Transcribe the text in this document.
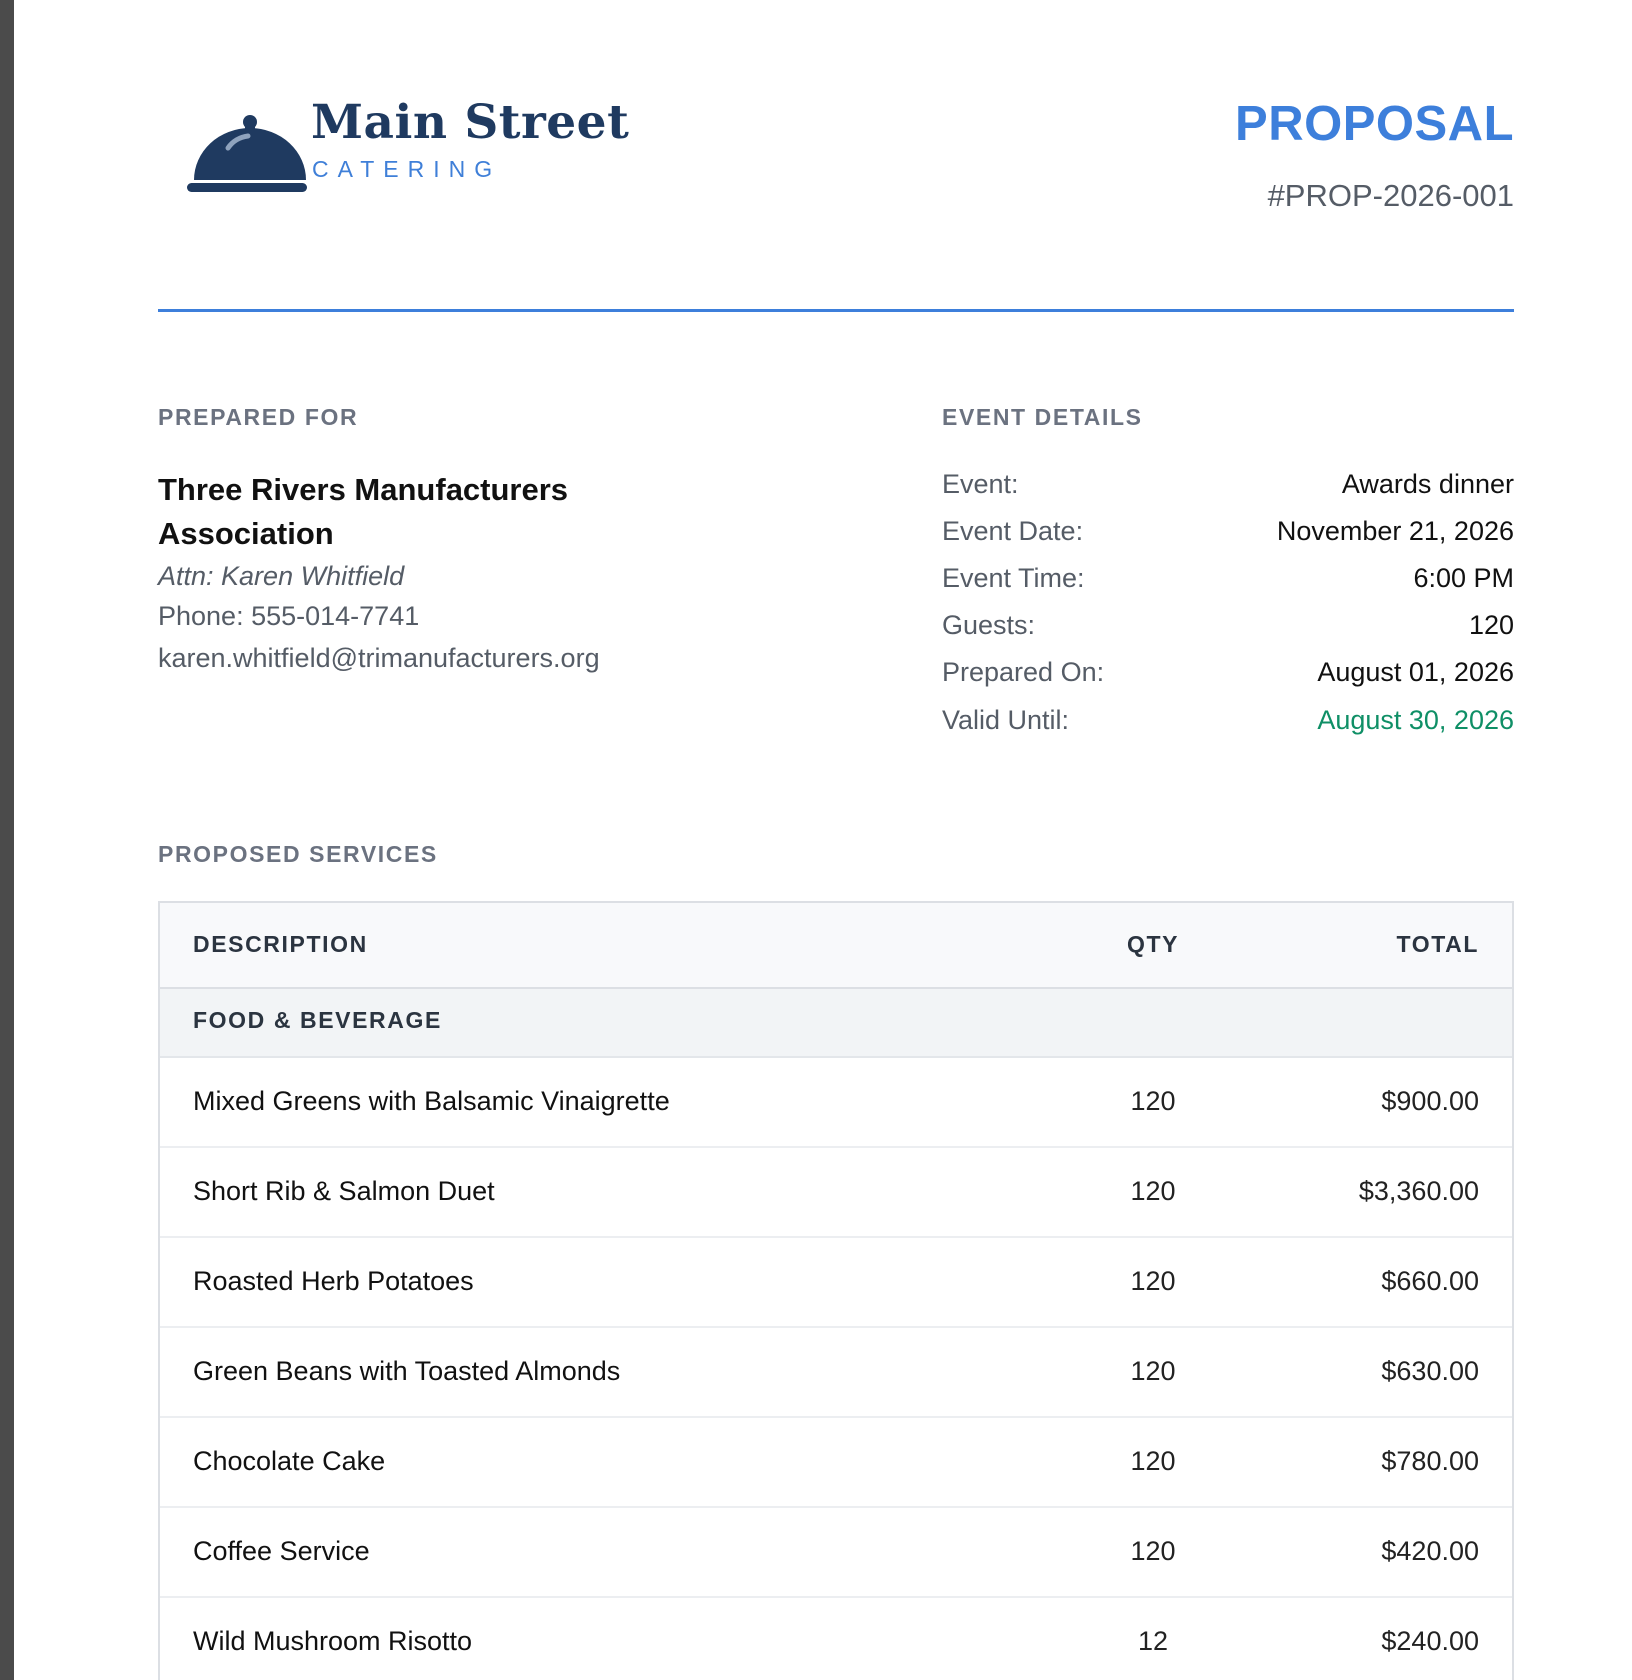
Main Street
CATERING
PROPOSAL
#PROP-2026-001
PREPARED FOR
Three Rivers Manufacturers Association
Attn: Karen Whitfield
Phone: 555-014-7741
karen.whitfield@trimanufacturers.org
EVENT DETAILS
Event:	Awards dinner
Event Date:	November 21, 2026
Event Time:	6:00 PM
Guests:	120
Prepared On:	August 01, 2026
Valid Until:	August 30, 2026
PROPOSED SERVICES
DESCRIPTION	QTY	TOTAL
FOOD & BEVERAGE
Mixed Greens with Balsamic Vinaigrette	120	$900.00
Short Rib & Salmon Duet	120	$3,360.00
Roasted Herb Potatoes	120	$660.00
Green Beans with Toasted Almonds	120	$630.00
Chocolate Cake	120	$780.00
Coffee Service	120	$420.00
Wild Mushroom Risotto	12	$240.00
